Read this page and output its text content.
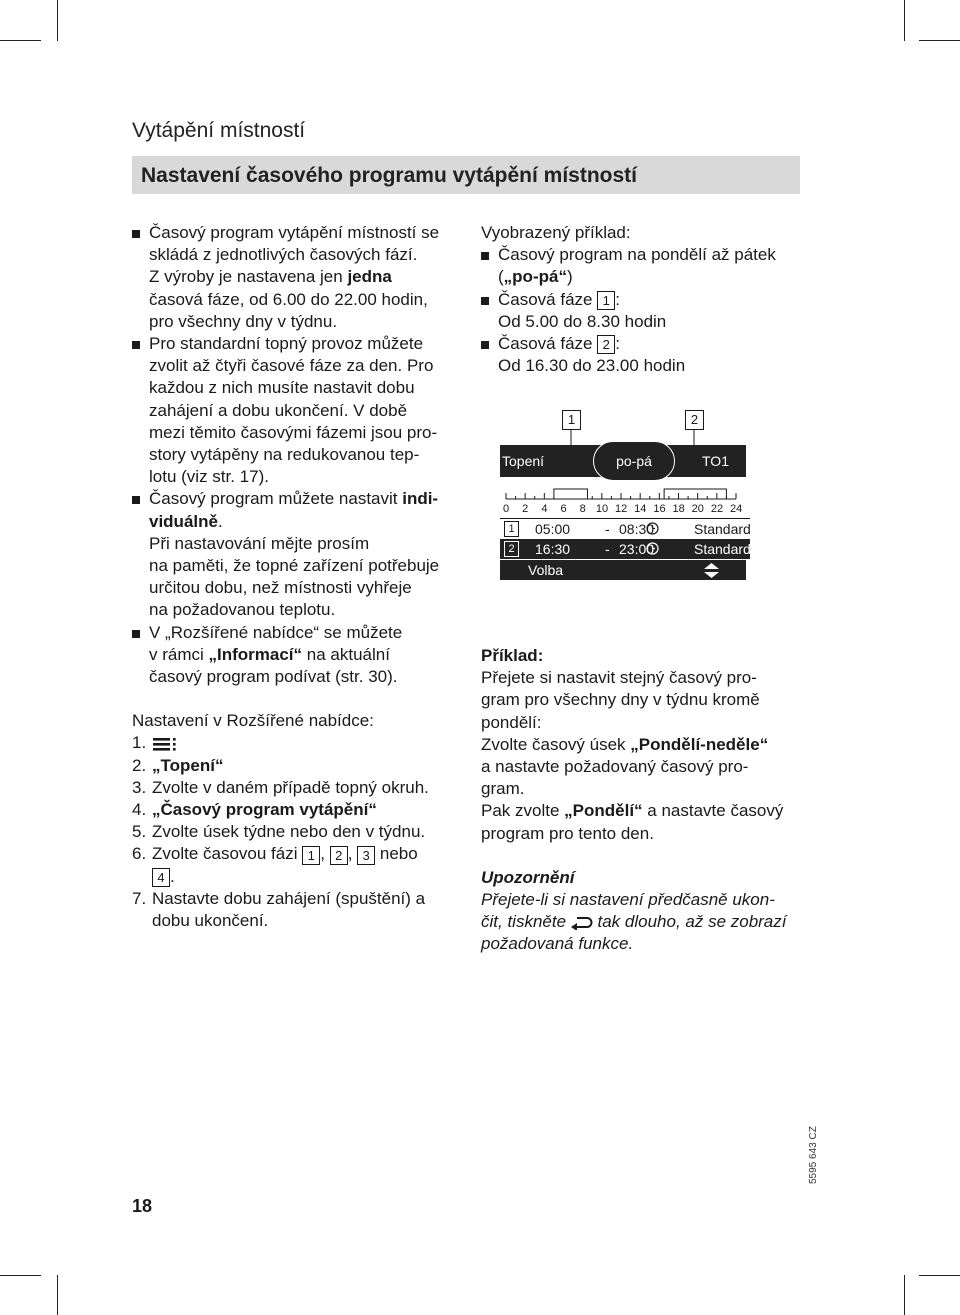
Vytápění místností
Nastavení časového programu vytápění místností
Časový program vytápění místností se
skládá z jednotlivých časových fází.
Z výroby je nastavena jen jedna
časová fáze, od 6.00 do 22.00 hodin,
pro všechny dny v týdnu.
Pro standardní topný provoz můžete
zvolit až čtyři časové fáze za den. Pro
každou z nich musíte nastavit dobu
zahájení a dobu ukončení. V době
mezi těmito časovými fázemi jsou pro-
story vytápěny na redukovanou tep-
lotu (viz str. 17).
Časový program můžete nastavit indi-
viduálně.
Při nastavování mějte prosím
na paměti, že topné zařízení potřebuje
určitou dobu, než místnosti vyhřeje
na požadovanou teplotu.
V „Rozšířené nabídce“ se můžete
v rámci „Informací“ na aktuální
časový program podívat (str. 30).

Nastavení v Rozšířené nabídce:

1.
2. „Topení“
3. Zvolte v daném případě topný okruh.
4. „Časový program vytápění“
5. Zvolte úsek týdne nebo den v týdnu.
6. Zvolte časovou fázi 1 , 2 , 3 nebo
4 .
7. Nastavte dobu zahájení (spuštění) a
dobu ukončení.

Vyobrazený příklad:

Časový program na pondělí až pátek
(„po-pá“)
Časová fáze 1 :
Od 5.00 do 8.30 hodin
Časová fáze 2 :
Od 16.30 do 23.00 hodin
1	2
Topení	TO1
po-pá
0 2 4 6 8 10 12 14 16 18 20 22 24
1	05:00 - 08:30	Standard
2	16:30 - 23:00	Standard
Volba

Příklad:

Přejete si nastavit stejný časový pro-
gram pro všechny dny v týdnu kromě
pondělí:
Zvolte časový úsek „Pondělí-neděle“
a nastavte požadovaný časový pro-
gram.
Pak zvolte „Pondělí“ a nastavte časový
program pro tento den.

Upozornění

Přejete-li si nastavení předčasně ukon-
čit, tiskněte  tak dlouho, až se zobrazí
požadovaná funkce.
18
5595 643 CZ
